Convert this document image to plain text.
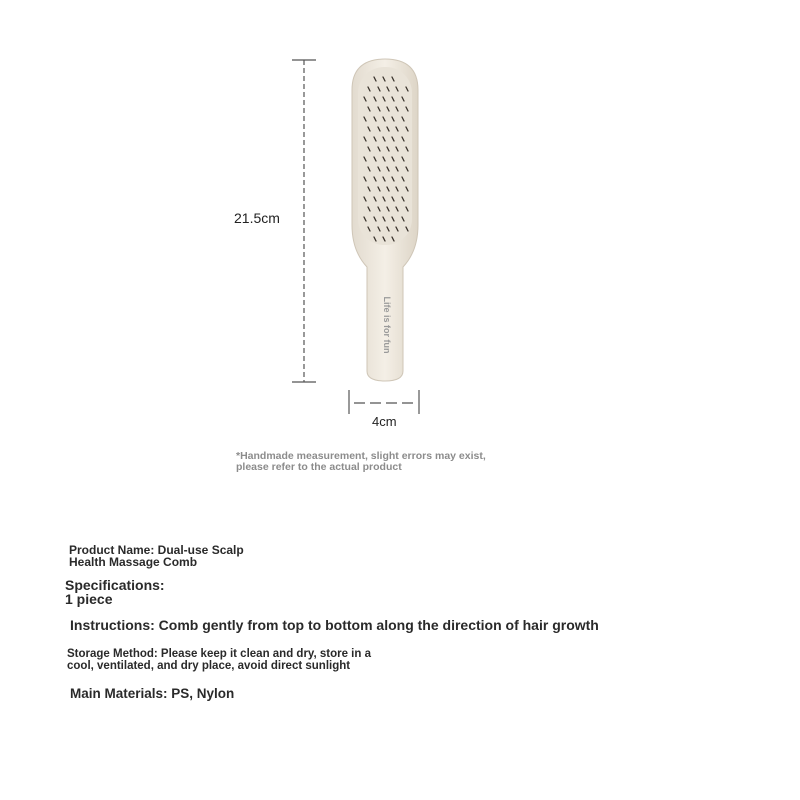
Life is for fun
21.5cm
4cm
*Handmade measurement, slight errors may exist,
please refer to the actual product
Product Name: Dual-use Scalp
Health Massage Comb
Specifications:
1 piece
Instructions: Comb gently from top to bottom along the direction of hair growth
Storage Method: Please keep it clean and dry, store in a
cool, ventilated, and dry place, avoid direct sunlight
Main Materials: PS, Nylon
